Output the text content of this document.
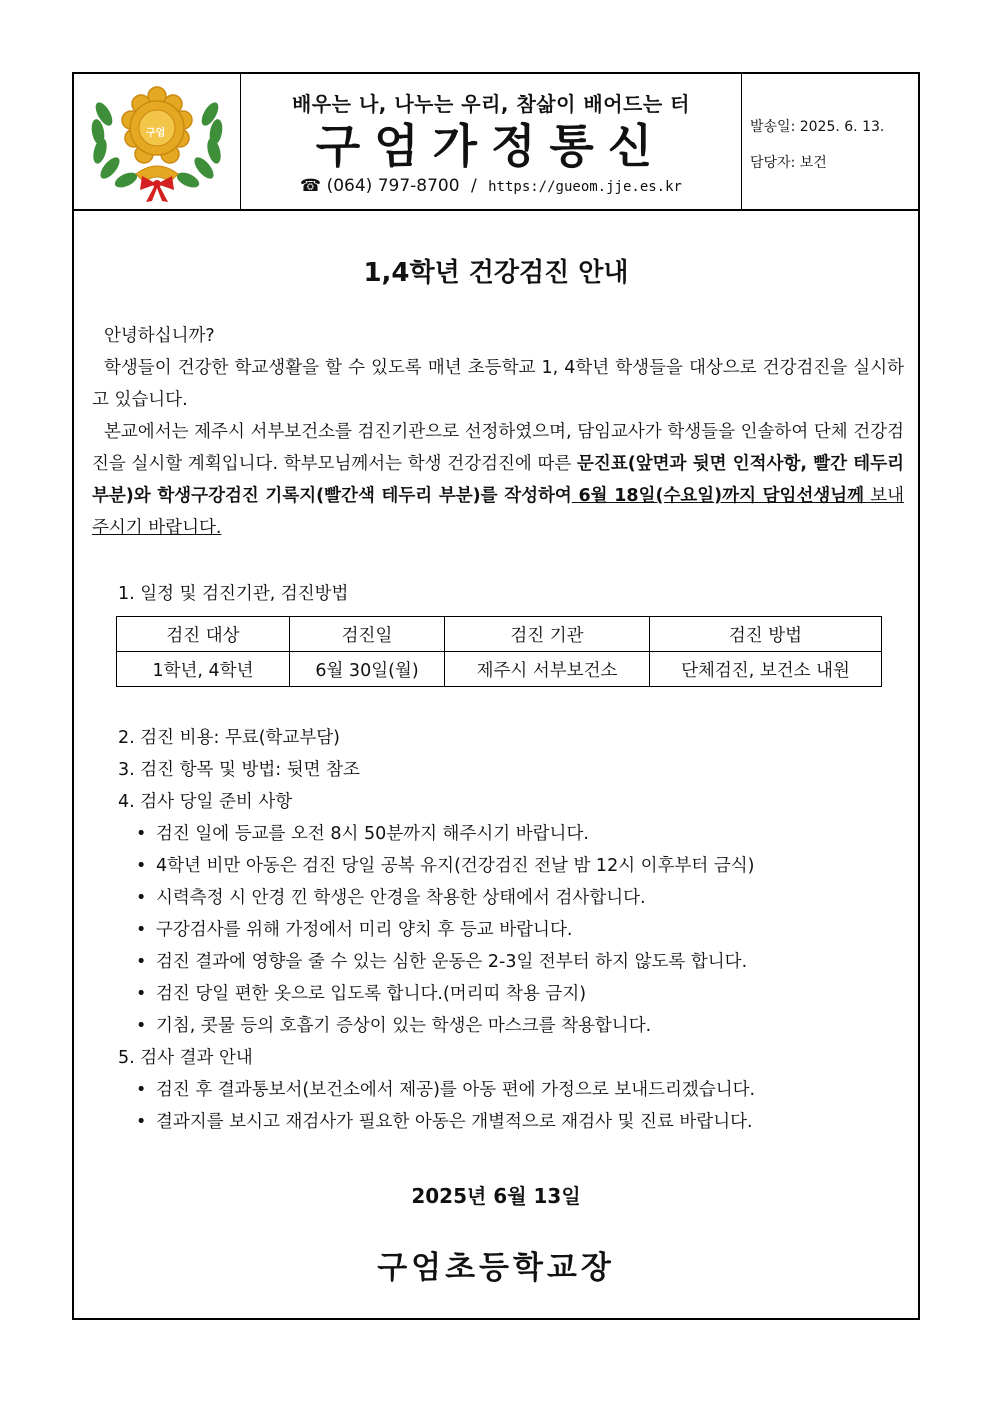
구엄
배우는 나, 나누는 우리, 참삶이 배어드는 터
구엄가정통신
☎ (064) 797-8700 / https://gueom.jje.es.kr
발송일: 2025. 6. 13.
담당자: 보건
1,4학년 건강검진 안내
안녕하십니까?
학생들이 건강한 학교생활을 할 수 있도록 매년 초등학교 1, 4학년 학생들을 대상으로 건강검진을 실시하고 있습니다.
본교에서는 제주시 서부보건소를 검진기관으로 선정하였으며, 담임교사가 학생들을 인솔하여 단체 건강검진을 실시할 계획입니다. 학부모님께서는 학생 건강검진에 따른 문진표(앞면과 뒷면 인적사항, 빨간 테두리 부분)와 학생구강검진 기록지(빨간색 테두리 부분)를 작성하여 6월 18일(수요일)까지 담임선생님께 보내주시기 바랍니다.
1. 일정 및 검진기관, 검진방법
검진 대상	검진일	검진 기관	검진 방법
1학년, 4학년	6월 30일(월)	제주시 서부보건소	단체검진, 보건소 내원
2. 검진 비용: 무료(학교부담)
3. 검진 항목 및 방법: 뒷면 참조
4. 검사 당일 준비 사항
• 검진 일에 등교를 오전 8시 50분까지 해주시기 바랍니다.
• 4학년 비만 아동은 검진 당일 공복 유지(건강검진 전날 밤 12시 이후부터 금식)
• 시력측정 시 안경 낀 학생은 안경을 착용한 상태에서 검사합니다.
• 구강검사를 위해 가정에서 미리 양치 후 등교 바랍니다.
• 검진 결과에 영향을 줄 수 있는 심한 운동은 2-3일 전부터 하지 않도록 합니다.
• 검진 당일 편한 옷으로 입도록 합니다.(머리띠 착용 금지)
• 기침, 콧물 등의 호흡기 증상이 있는 학생은 마스크를 착용합니다.
5. 검사 결과 안내
• 검진 후 결과통보서(보건소에서 제공)를 아동 편에 가정으로 보내드리겠습니다.
• 결과지를 보시고 재검사가 필요한 아동은 개별적으로 재검사 및 진료 바랍니다.
2025년 6월 13일
구엄초등학교장
